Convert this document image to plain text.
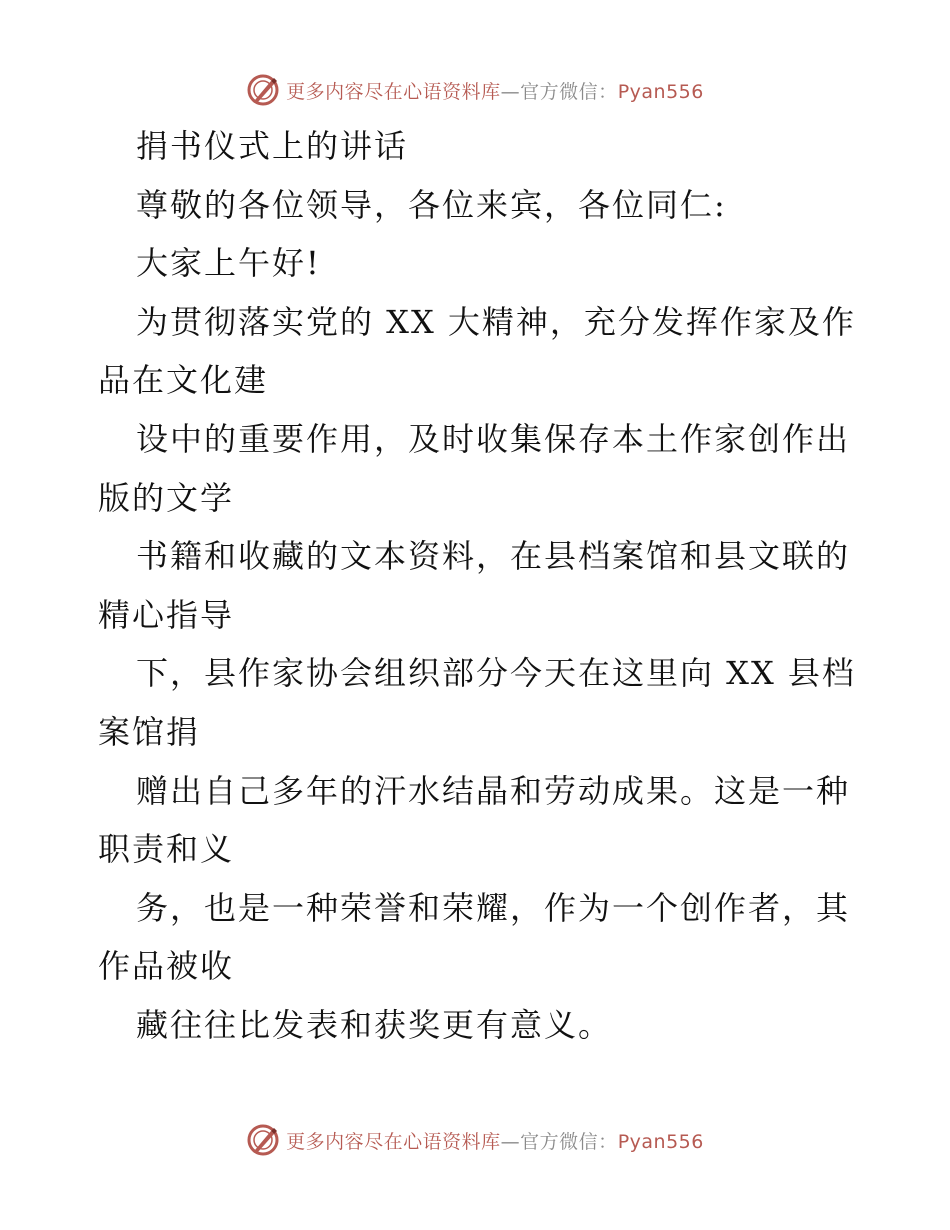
更多内容尽在心语资料库—官方微信：Pyan556
捐书仪式上的讲话
尊敬的各位领导，各位来宾，各位同仁:
大家上午好!
为贯彻落实党的 XX 大精神，充分发挥作家及作
品在文化建
设中的重要作用，及时收集保存本土作家创作出
版的文学
书籍和收藏的文本资料，在县档案馆和县文联的
精心指导
下，县作家协会组织部分今天在这里向 XX 县档
案馆捐
赠出自己多年的汗水结晶和劳动成果。这是一种
职责和义
务，也是一种荣誉和荣耀，作为一个创作者，其
作品被收
藏往往比发表和获奖更有意义。
更多内容尽在心语资料库—官方微信：Pyan556
